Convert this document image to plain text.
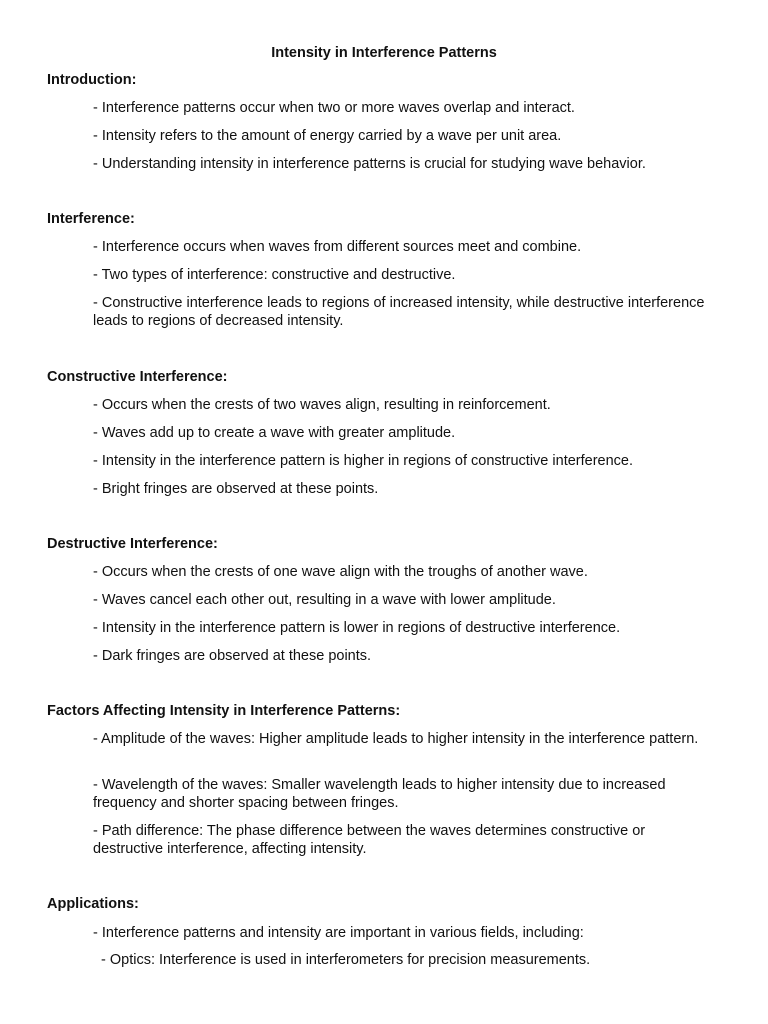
Intensity in Interference Patterns
Introduction:
- Interference patterns occur when two or more waves overlap and interact.
- Intensity refers to the amount of energy carried by a wave per unit area.
- Understanding intensity in interference patterns is crucial for studying wave behavior.
Interference:
- Interference occurs when waves from different sources meet and combine.
- Two types of interference: constructive and destructive.
- Constructive interference leads to regions of increased intensity, while destructive interference leads to regions of decreased intensity.
Constructive Interference:
- Occurs when the crests of two waves align, resulting in reinforcement.
- Waves add up to create a wave with greater amplitude.
- Intensity in the interference pattern is higher in regions of constructive interference.
- Bright fringes are observed at these points.
Destructive Interference:
- Occurs when the crests of one wave align with the troughs of another wave.
- Waves cancel each other out, resulting in a wave with lower amplitude.
- Intensity in the interference pattern is lower in regions of destructive interference.
- Dark fringes are observed at these points.
Factors Affecting Intensity in Interference Patterns:
- Amplitude of the waves: Higher amplitude leads to higher intensity in the interference pattern.
- Wavelength of the waves: Smaller wavelength leads to higher intensity due to increased frequency and shorter spacing between fringes.
- Path difference: The phase difference between the waves determines constructive or destructive interference, affecting intensity.
Applications:
- Interference patterns and intensity are important in various fields, including:
- Optics: Interference is used in interferometers for precision measurements.
